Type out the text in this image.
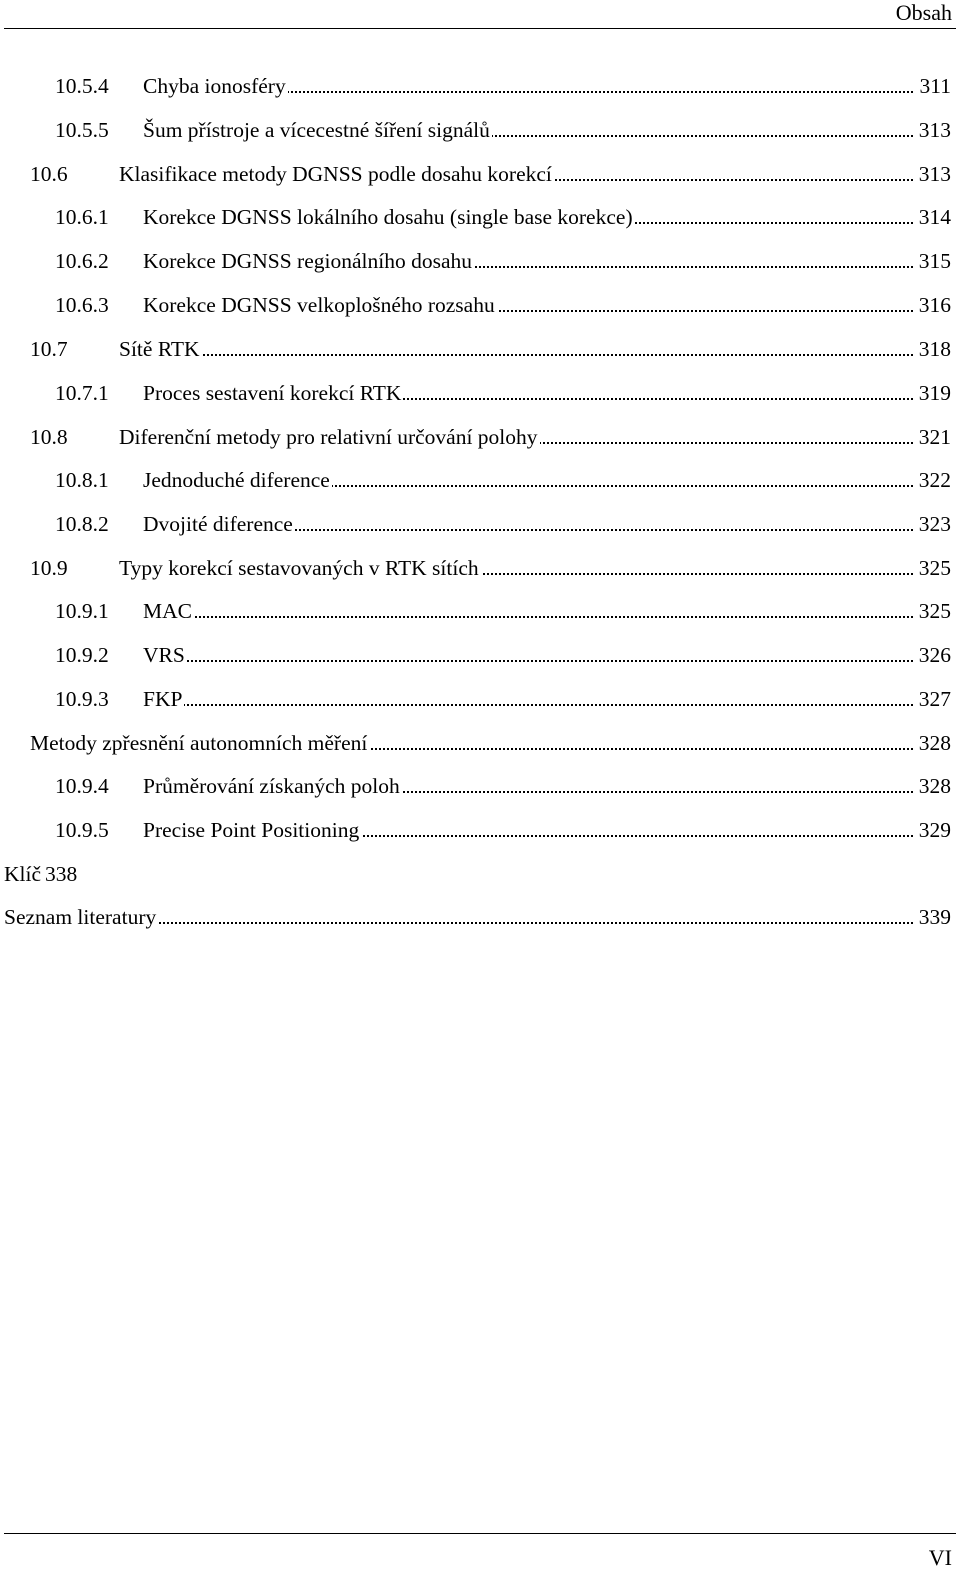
Obsah
10.5.4 Chyba ionosféry	311
10.5.5 Šum přístroje a vícecestné šíření signálů	313
10.6 Klasifikace metody DGNSS podle dosahu korekcí	313
10.6.1 Korekce DGNSS lokálního dosahu (single base korekce)	314
10.6.2 Korekce DGNSS regionálního dosahu	315
10.6.3 Korekce DGNSS velkoplošného rozsahu	316
10.7 Sítě RTK	318
10.7.1 Proces sestavení korekcí RTK	319
10.8 Diferenční metody pro relativní určování polohy	321
10.8.1 Jednoduché diference	322
10.8.2 Dvojité diference	323
10.9 Typy korekcí sestavovaných v RTK sítích	325
10.9.1 MAC	325
10.9.2 VRS	326
10.9.3 FKP	327
Metody zpřesnění autonomních měření	328
10.9.4 Průměrování získaných poloh	328
10.9.5 Precise Point Positioning	329
Klíč 338
Seznam literatury	339
VI
